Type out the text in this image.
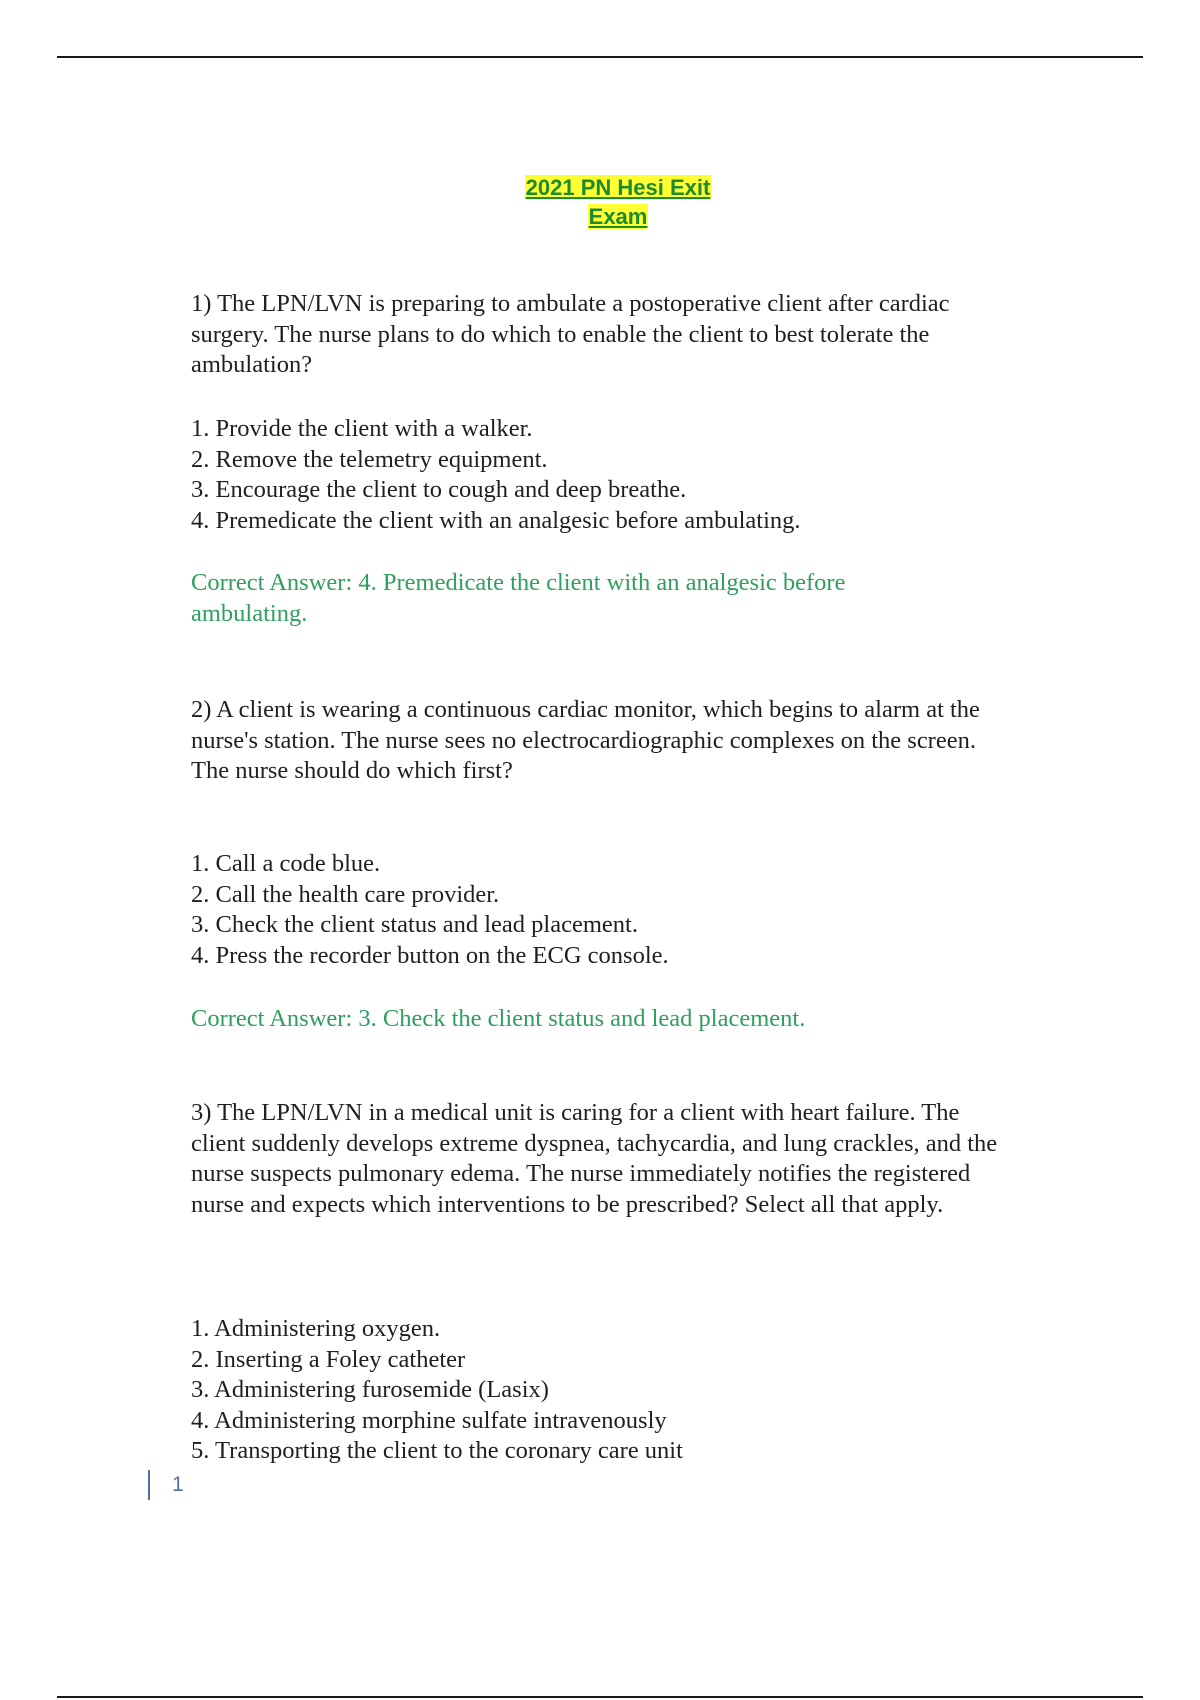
2021 PN Hesi Exit
Exam

1) The LPN/LVN is preparing to ambulate a postoperative client after cardiac surgery. The nurse plans to do which to enable the client to best tolerate the ambulation?

1. Provide the client with a walker.
2. Remove the telemetry equipment.
3. Encourage the client to cough and deep breathe.
4. Premedicate the client with an analgesic before ambulating.

Correct Answer: 4. Premedicate the client with an analgesic before ambulating.

2) A client is wearing a continuous cardiac monitor, which begins to alarm at the nurse's station. The nurse sees no electrocardiographic complexes on the screen. The nurse should do which first?

1. Call a code blue.
2. Call the health care provider.
3. Check the client status and lead placement.
4. Press the recorder button on the ECG console.

Correct Answer: 3. Check the client status and lead placement.

3) The LPN/LVN in a medical unit is caring for a client with heart failure. The client suddenly develops extreme dyspnea, tachycardia, and lung crackles, and the nurse suspects pulmonary edema. The nurse immediately notifies the registered nurse and expects which interventions to be prescribed? Select all that apply.

1. Administering oxygen.
2. Inserting a Foley catheter
3. Administering furosemide (Lasix)
4. Administering morphine sulfate intravenously
5. Transporting the client to the coronary care unit
1
